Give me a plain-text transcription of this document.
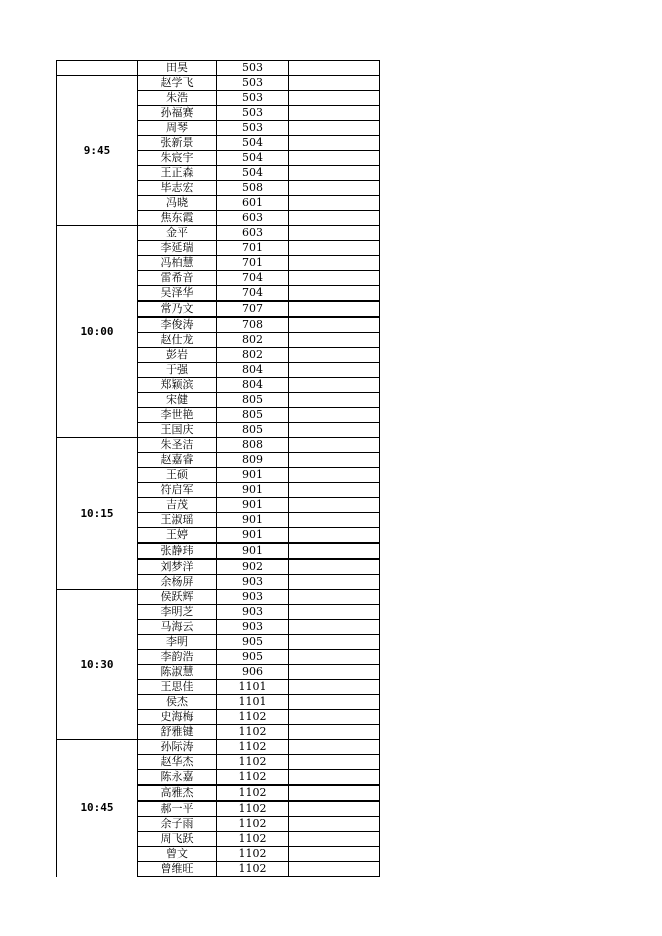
	田昊	503	
9:45	赵学飞	503	
	朱浩	503	
	孙福赛	503	
	周琴	503	
	张新景	504	
	朱宸宇	504	
	王正森	504	
	毕志宏	508	
	冯晓	601	
	焦东霞	603	
10:00	金平	603	
	李延瑞	701	
	冯柏慧	701	
	雷希音	704	
	吴泽华	704	
	常乃文	707	
	李俊涛	708	
	赵仕龙	802	
	彭岩	802	
	于强	804	
	郑颖滨	804	
	宋健	805	
	李世艳	805	
	王国庆	805	
10:15	朱圣洁	808	
	赵嘉睿	809	
	王硕	901	
	符启军	901	
	吉茂	901	
	王淑瑶	901	
	王婷	901	
	张静玮	901	
	刘梦洋	902	
	余杨屏	903	
10:30	侯跃辉	903	
	李明芝	903	
	马海云	903	
	李明	905	
	李韵浩	905	
	陈淑慧	906	
	王思佳	1101	
	侯杰	1101	
	史海梅	1102	
	舒雅键	1102	
10:45	孙际涛	1102	
	赵华杰	1102	
	陈永嘉	1102	
	高雅杰	1102	
	郝一平	1102	
	余子雨	1102	
	周飞跃	1102	
	曾文	1102	
	曾维旺	1102	
